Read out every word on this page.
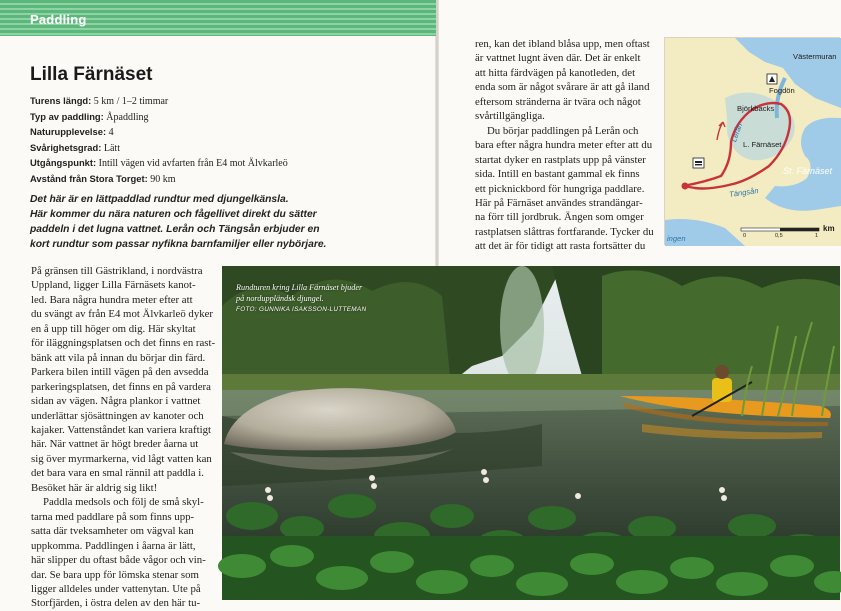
Paddling
Lilla Färnäset
Turens längd: 5 km / 1–2 timmar
Typ av paddling: Åpaddling
Naturupplevelse: 4
Svårighetsgrad: Lätt
Utgångspunkt: Intill vägen vid avfarten från E4 mot Älvkarleö
Avstånd från Stora Torget: 90 km
Det här är en lättpaddlad rundtur med djungelkänsla.
Här kommer du nära naturen och fågellivet direkt du sätter
paddeln i det lugna vattnet. Lerån och Tängsån erbjuder en
kort rundtur som passar nyfikna barnfamiljer eller nybörjare.
På gränsen till Gästrikland, i nordvästra
Uppland, ligger Lilla Färnäsets kanot-
led. Bara några hundra meter efter att
du svängt av från E4 mot Älvkarleö dyker
en å upp till höger om dig. Här skyltat
för iläggningsplatsen och det finns en rast-
bänk att vila på innan du börjar din färd.
Parkera bilen intill vägen på den avsedda
parkeringsplatsen, det finns en på vardera
sidan av vägen. Några plankor i vattnet
underlättar sjösättningen av kanoter och
kajaker. Vattenståndet kan variera kraftigt
här. När vattnet är högt breder åarna ut
sig över myrmarkerna, vid lågt vatten kan
det bara vara en smal rännil att paddla i.
Besöket här är aldrig sig likt!
Paddla medsols och följ de små skyl-
tarna med paddlare på som finns upp-
satta där tveksamheter om vägval kan
uppkomma. Paddlingen i åarna är lätt,
här slipper du oftast både vågor och vin-
dar. Se bara upp för lömska stenar som
ligger alldeles under vattenytan. Ute på
Storfjärden, i östra delen av den här tu-
ren, kan det ibland blåsa upp, men oftast
är vattnet lugnt även där. Det är enkelt
att hitta färdvägen på kanotleden, det
enda som är något svårare är att gå iland
eftersom stränderna är tvära och något
svårtillgängliga.
Du börjar paddlingen på Lerån och
bara efter några hundra meter efter att du
startat dyker en rastplats upp på vänster
sida. Intill en bastant gammal ek finns
ett picknickbord för hungriga paddlare.
Här på Färnäset användes strandängar-
na förr till jordbruk. Ängen som omger
rastplatsen slåttras fortfarande. Tycker du
att det är för tidigt att rasta fortsätter du
Rundturen kring Lilla Färnäset bjuder
på norduppländsk djungel.
FOTO: GUNNIKA ISAKSSON-LUTTEMAN
Västermuran
Fogdön
Björkbacks
Lerån
L. Färnäset
St. Färnäset
Tängsån
ingen	0	0,5	1
km
